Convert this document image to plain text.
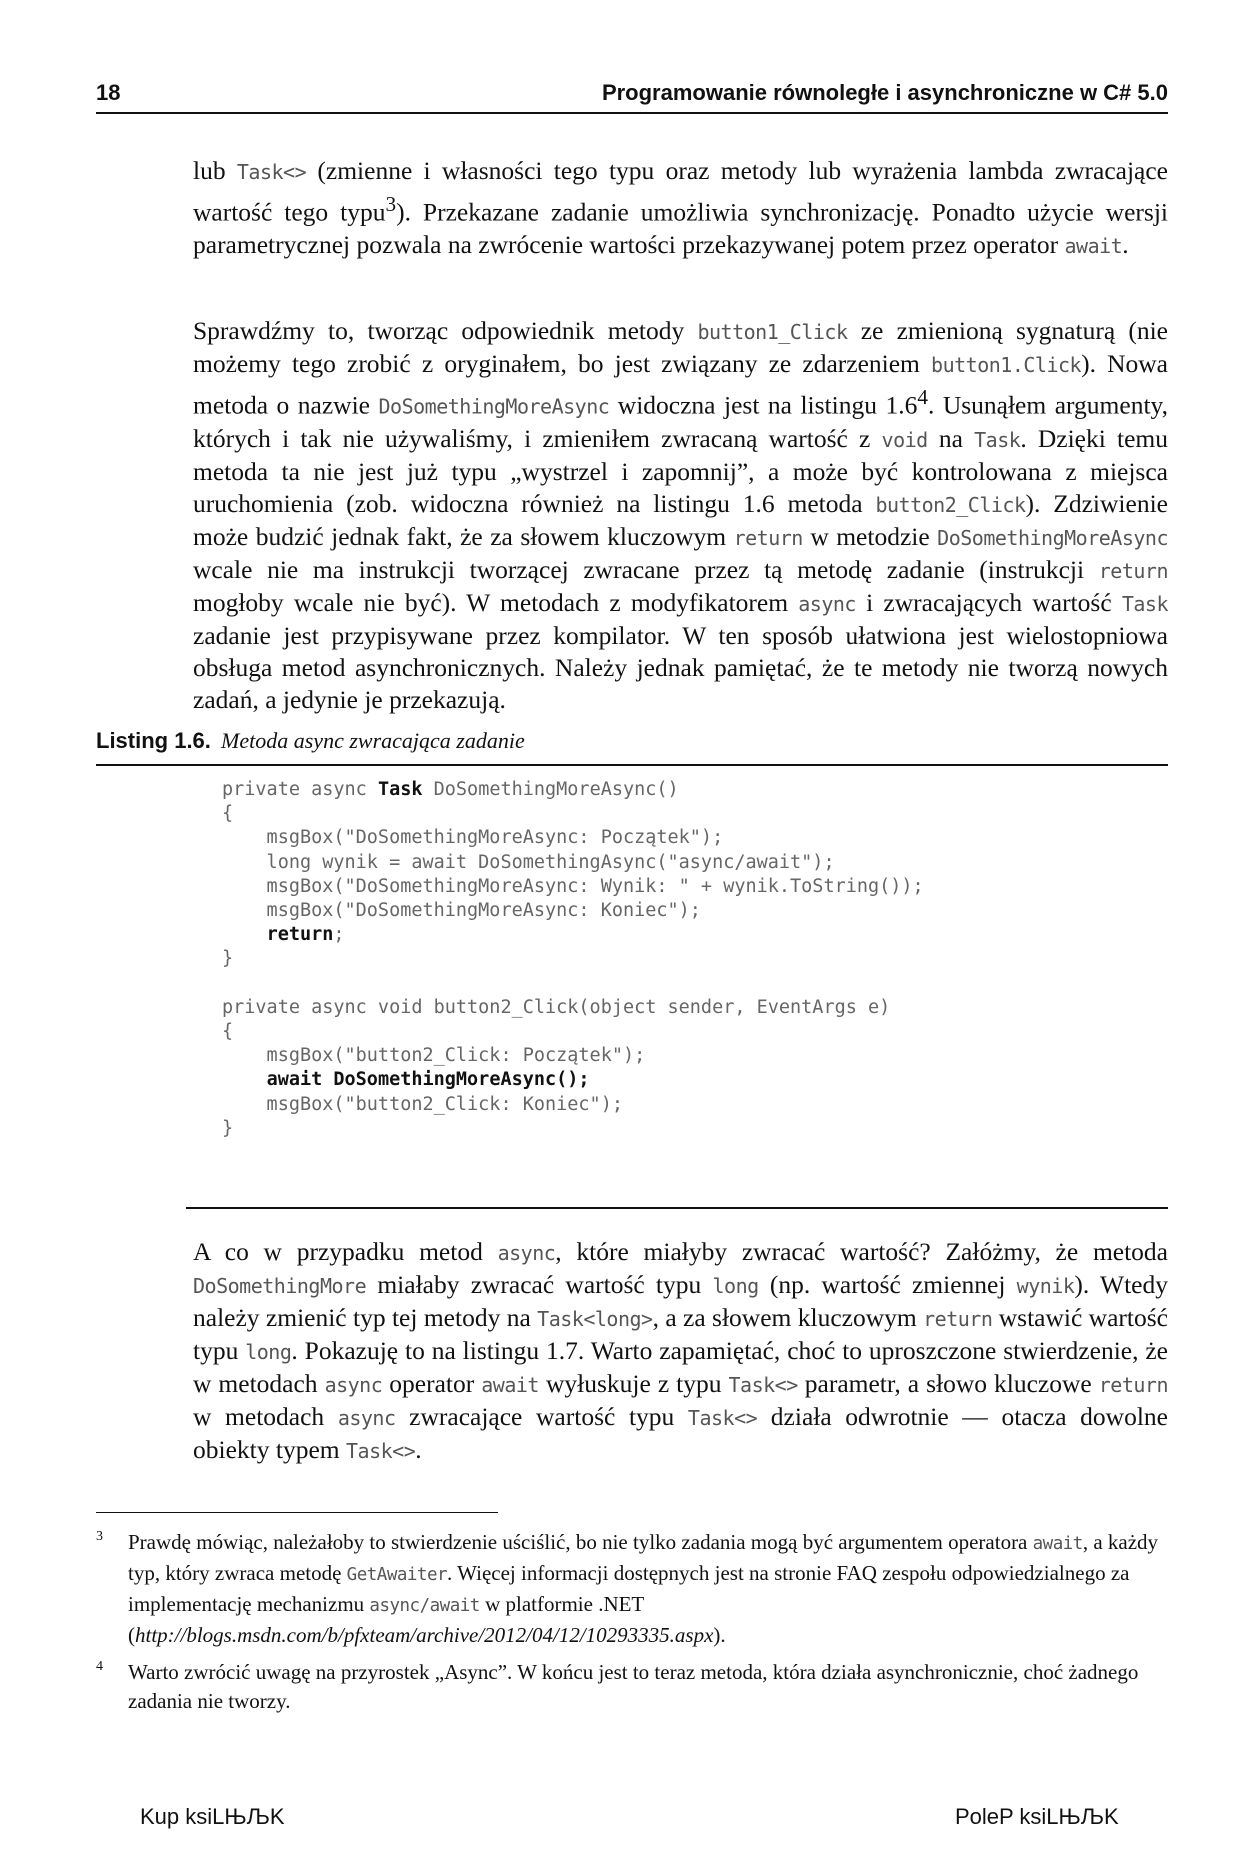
18	Programowanie równoległe i asynchroniczne w C# 5.0

lub Task<> (zmienne i własności tego typu oraz metody lub wyrażenia lambda zwracające wartość tego typu$^3$). Przekazane zadanie umożliwia synchronizację. Ponadto użycie wersji parametrycznej pozwala na zwrócenie wartości przekazywanej potem przez operator await.

Sprawdźmy to, tworząc odpowiednik metody button1_Click ze zmienioną sygnaturą (nie możemy tego zrobić z oryginałem, bo jest związany ze zdarzeniem button1.Click). Nowa metoda o nazwie DoSomethingMoreAsync widoczna jest na listingu $1.6^4$. Usunąłem argumenty, których i tak nie używaliśmy, i zmieniłem zwracaną wartość z void na Task. Dzięki temu metoda ta nie jest już typu „wystrzel i zapomnij”, a może być kontrolowana z miejsca uruchomienia (zob. widoczna również na listingu 1.6 metoda button2_Click). Zdziwienie może budzić jednak fakt, że za słowem kluczowym return w metodzie DoSomethingMoreAsync wcale nie ma instrukcji tworzącej zwracane przez tą metodę zadanie (instrukcji return mogłoby wcale nie być). W metodach z modyfikatorem async i zwracających wartość Task zadanie jest przypisywane przez kompilator. W ten sposób ułatwiona jest wielostopniowa obsługa metod asynchronicznych. Należy jednak pamiętać, że te metody nie tworzą nowych zadań, a jedynie je przekazują.

Listing 1.6. Metoda async zwracająca zadanie
private async Task DoSomethingMoreAsync()
{
msgBox("DoSomethingMoreAsync: Początek");
long wynik = await DoSomethingAsync("async/await");
msgBox("DoSomethingMoreAsync: Wynik: " + wynik.ToString());
msgBox("DoSomethingMoreAsync: Koniec");
return;
}

private async void button2_Click(object sender, EventArgs e)
{
msgBox("button2_Click: Początek");
await DoSomethingMoreAsync();
msgBox("button2_Click: Koniec");
}

A co w przypadku metod async, które miałyby zwracać wartość? Załóżmy, że metoda DoSomethingMore miałaby zwracać wartość typu long (np. wartość zmiennej wynik). Wtedy należy zmienić typ tej metody na Task<long>, a za słowem kluczowym return wstawić wartość typu long. Pokazuję to na listingu 1.7. Warto zapamiętać, choć to uproszczone stwierdzenie, że w metodach async operator await wyłuskuje z typu Task<> parametr, a słowo kluczowe return w metodach async zwracające wartość typu Task<> działa odwrotnie — otacza dowolne obiekty typem Task<>.

3 Prawdę mówiąc, należałoby to stwierdzenie uściślić, bo nie tylko zadania mogą być argumentem operatora await, a każdy typ, który zwraca metodę GetAwaiter. Więcej informacji dostępnych jest na stronie FAQ zespołu odpowiedzialnego za implementację mechanizmu async/await w platformie .NET (http://blogs.msdn.com/b/pfxteam/archive/2012/04/12/10293335.aspx).
4 Warto zwrócić uwagę na przyrostek „Async”. W końcu jest to teraz metoda, która działa asynchronicznie, choć żadnego zadania nie tworzy.
Kup ksiLЊЉK	PoleP ksiLЊЉK
